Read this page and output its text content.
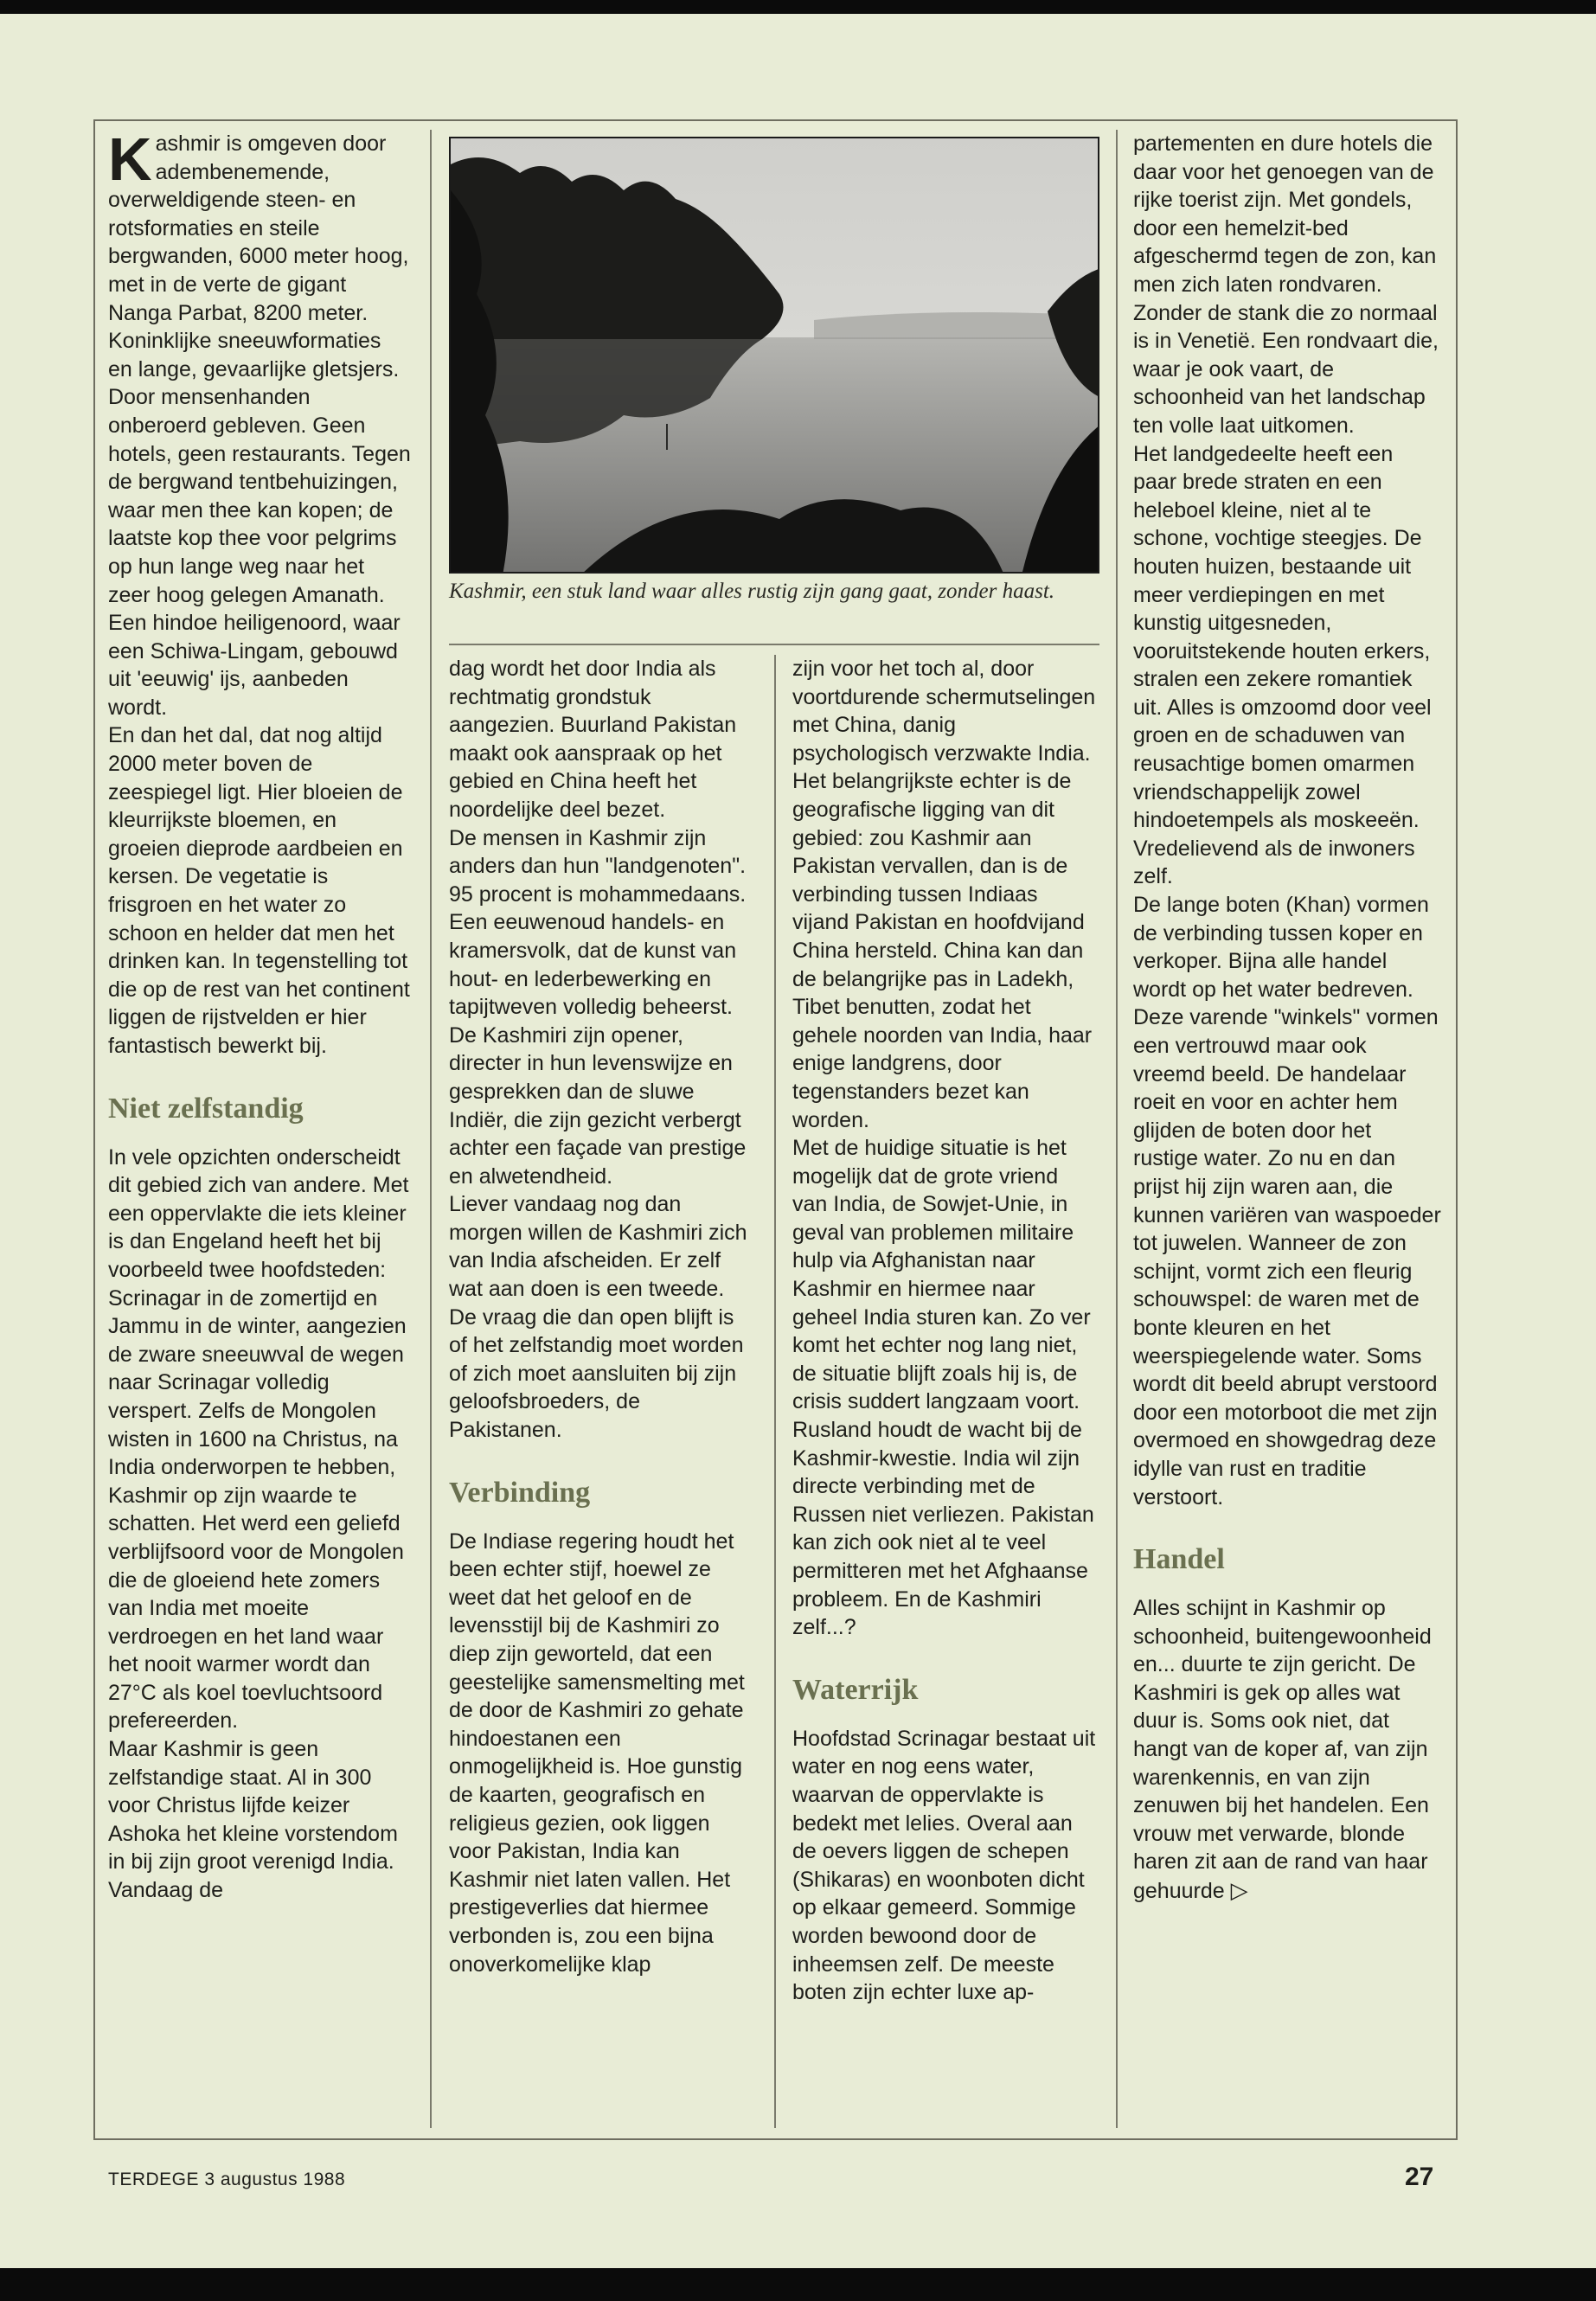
Kashmir is omgeven door adembenemende, overweldigende steen- en rotsformaties en steile bergwanden, 6000 meter hoog, met in de verte de gigant Nanga Parbat, 8200 meter. Koninklijke sneeuwformaties en lange, gevaarlijke gletsjers. Door mensenhanden onberoerd gebleven. Geen hotels, geen restaurants. Tegen de bergwand tentbehuizingen, waar men thee kan kopen; de laatste kop thee voor pelgrims op hun lange weg naar het zeer hoog gelegen Amanath. Een hindoe heiligenoord, waar een Schiwa-Lingam, gebouwd uit 'eeuwig' ijs, aanbeden wordt.

En dan het dal, dat nog altijd 2000 meter boven de zeespiegel ligt. Hier bloeien de kleurrijkste bloemen, en groeien dieprode aardbeien en kersen. De vegetatie is frisgroen en het water zo schoon en helder dat men het drinken kan. In tegenstelling tot die op de rest van het continent liggen de rijstvelden er hier fantastisch bewerkt bij.

Niet zelfstandig

In vele opzichten onderscheidt dit gebied zich van andere. Met een oppervlakte die iets kleiner is dan Engeland heeft het bij voorbeeld twee hoofdsteden: Scrinagar in de zomertijd en Jammu in de winter, aangezien de zware sneeuwval de wegen naar Scrinagar volledig verspert. Zelfs de Mongolen wisten in 1600 na Christus, na India onderworpen te hebben, Kashmir op zijn waarde te schatten. Het werd een geliefd verblijfsoord voor de Mongolen die de gloeiend hete zomers van India met moeite verdroegen en het land waar het nooit warmer wordt dan 27°C als koel toevluchtsoord prefereerden.

Maar Kashmir is geen zelfstandige staat. Al in 300 voor Christus lijfde keizer Ashoka het kleine vorstendom in bij zijn groot verenigd India. Vandaag de

Kashmir, een stuk land waar alles rustig zijn gang gaat, zonder haast.

dag wordt het door India als rechtmatig grondstuk aangezien. Buurland Pakistan maakt ook aanspraak op het gebied en China heeft het noordelijke deel bezet.

De mensen in Kashmir zijn anders dan hun "landgenoten". 95 procent is mohammedaans. Een eeuwenoud handels- en kramersvolk, dat de kunst van hout- en lederbewerking en tapijtweven volledig beheerst. De Kashmiri zijn opener, directer in hun levenswijze en gesprekken dan de sluwe Indiër, die zijn gezicht verbergt achter een façade van prestige en alwetendheid.

Liever vandaag nog dan morgen willen de Kashmiri zich van India afscheiden. Er zelf wat aan doen is een tweede. De vraag die dan open blijft is of het zelfstandig moet worden of zich moet aansluiten bij zijn geloofsbroeders, de Pakistanen.

Verbinding

De Indiase regering houdt het been echter stijf, hoewel ze weet dat het geloof en de levensstijl bij de Kashmiri zo diep zijn geworteld, dat een geestelijke samensmelting met de door de Kashmiri zo gehate hindoestanen een onmogelijkheid is. Hoe gunstig de kaarten, geografisch en religieus gezien, ook liggen voor Pakistan, India kan Kashmir niet laten vallen. Het prestigeverlies dat hiermee verbonden is, zou een bijna onoverkomelijke klap

zijn voor het toch al, door voortdurende schermutselingen met China, danig psychologisch verzwakte India. Het belangrijkste echter is de geografische ligging van dit gebied: zou Kashmir aan Pakistan vervallen, dan is de verbinding tussen Indiaas vijand Pakistan en hoofdvijand China hersteld. China kan dan de belangrijke pas in Ladekh, Tibet benutten, zodat het gehele noorden van India, haar enige landgrens, door tegenstanders bezet kan worden.

Met de huidige situatie is het mogelijk dat de grote vriend van India, de Sowjet-Unie, in geval van problemen militaire hulp via Afghanistan naar Kashmir en hiermee naar geheel India sturen kan. Zo ver komt het echter nog lang niet, de situatie blijft zoals hij is, de crisis suddert langzaam voort. Rusland houdt de wacht bij de Kashmir-kwestie. India wil zijn directe verbinding met de Russen niet verliezen. Pakistan kan zich ook niet al te veel permitteren met het Afghaanse probleem. En de Kashmiri zelf...?

Waterrijk

Hoofdstad Scrinagar bestaat uit water en nog eens water, waarvan de oppervlakte is bedekt met lelies. Overal aan de oevers liggen de schepen (Shikaras) en woonboten dicht op elkaar gemeerd. Sommige worden bewoond door de inheemsen zelf. De meeste boten zijn echter luxe ap-

partementen en dure hotels die daar voor het genoegen van de rijke toerist zijn. Met gondels, door een hemelzit-bed afgeschermd tegen de zon, kan men zich laten rondvaren. Zonder de stank die zo normaal is in Venetië. Een rondvaart die, waar je ook vaart, de schoonheid van het landschap ten volle laat uitkomen.

Het landgedeelte heeft een paar brede straten en een heleboel kleine, niet al te schone, vochtige steegjes. De houten huizen, bestaande uit meer verdiepingen en met kunstig uitgesneden, vooruitstekende houten erkers, stralen een zekere romantiek uit. Alles is omzoomd door veel groen en de schaduwen van reusachtige bomen omarmen vriendschappelijk zowel hindoetempels als moskeeën. Vredelievend als de inwoners zelf.

De lange boten (Khan) vormen de verbinding tussen koper en verkoper. Bijna alle handel wordt op het water bedreven. Deze varende "winkels" vormen een vertrouwd maar ook vreemd beeld. De handelaar roeit en voor en achter hem glijden de boten door het rustige water. Zo nu en dan prijst hij zijn waren aan, die kunnen variëren van waspoeder tot juwelen. Wanneer de zon schijnt, vormt zich een fleurig schouwspel: de waren met de bonte kleuren en het weerspiegelende water. Soms wordt dit beeld abrupt verstoord door een motorboot die met zijn overmoed en showgedrag deze idylle van rust en traditie verstoort.

Handel

Alles schijnt in Kashmir op schoonheid, buitengewoonheid en... duurte te zijn gericht. De Kashmiri is gek op alles wat duur is. Soms ook niet, dat hangt van de koper af, van zijn warenkennis, en van zijn zenuwen bij het handelen. Een vrouw met verwarde, blonde haren zit aan de rand van haar gehuurde ▷

TERDEGE 3 augustus 1988	27
